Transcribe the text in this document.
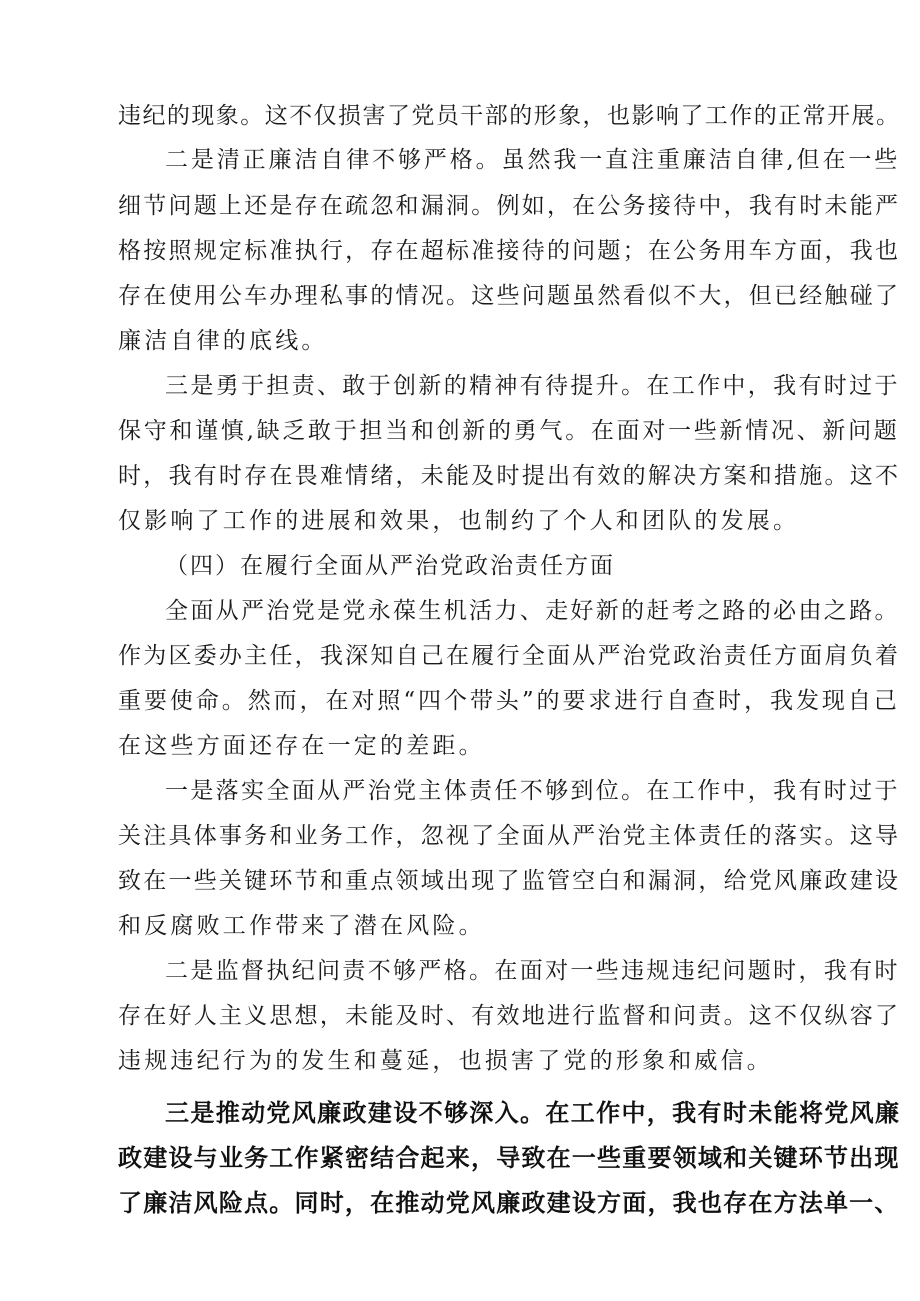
违纪的现象。这不仅损害了党员干部的形象，也影响了工作的正常开展。

二是清正廉洁自律不够严格。虽然我一直注重廉洁自律,但在一些

细节问题上还是存在疏忽和漏洞。例如，在公务接待中，我有时未能严

格按照规定标准执行，存在超标准接待的问题；在公务用车方面，我也

存在使用公车办理私事的情况。这些问题虽然看似不大，但已经触碰了

廉洁自律的底线。

三是勇于担责、敢于创新的精神有待提升。在工作中，我有时过于

保守和谨慎,缺乏敢于担当和创新的勇气。在面对一些新情况、新问题

时，我有时存在畏难情绪，未能及时提出有效的解决方案和措施。这不

仅影响了工作的进展和效果，也制约了个人和团队的发展。

（四）在履行全面从严治党政治责任方面

全面从严治党是党永葆生机活力、走好新的赶考之路的必由之路。

作为区委办主任，我深知自己在履行全面从严治党政治责任方面肩负着

重要使命。然而，在对照“四个带头”的要求进行自查时，我发现自己

在这些方面还存在一定的差距。

一是落实全面从严治党主体责任不够到位。在工作中，我有时过于

关注具体事务和业务工作，忽视了全面从严治党主体责任的落实。这导

致在一些关键环节和重点领域出现了监管空白和漏洞，给党风廉政建设

和反腐败工作带来了潜在风险。

二是监督执纪问责不够严格。在面对一些违规违纪问题时，我有时

存在好人主义思想，未能及时、有效地进行监督和问责。这不仅纵容了

违规违纪行为的发生和蔓延，也损害了党的形象和威信。

三是推动党风廉政建设不够深入。在工作中，我有时未能将党风廉

政建设与业务工作紧密结合起来，导致在一些重要领域和关键环节出现

了廉洁风险点。同时，在推动党风廉政建设方面，我也存在方法单一、
